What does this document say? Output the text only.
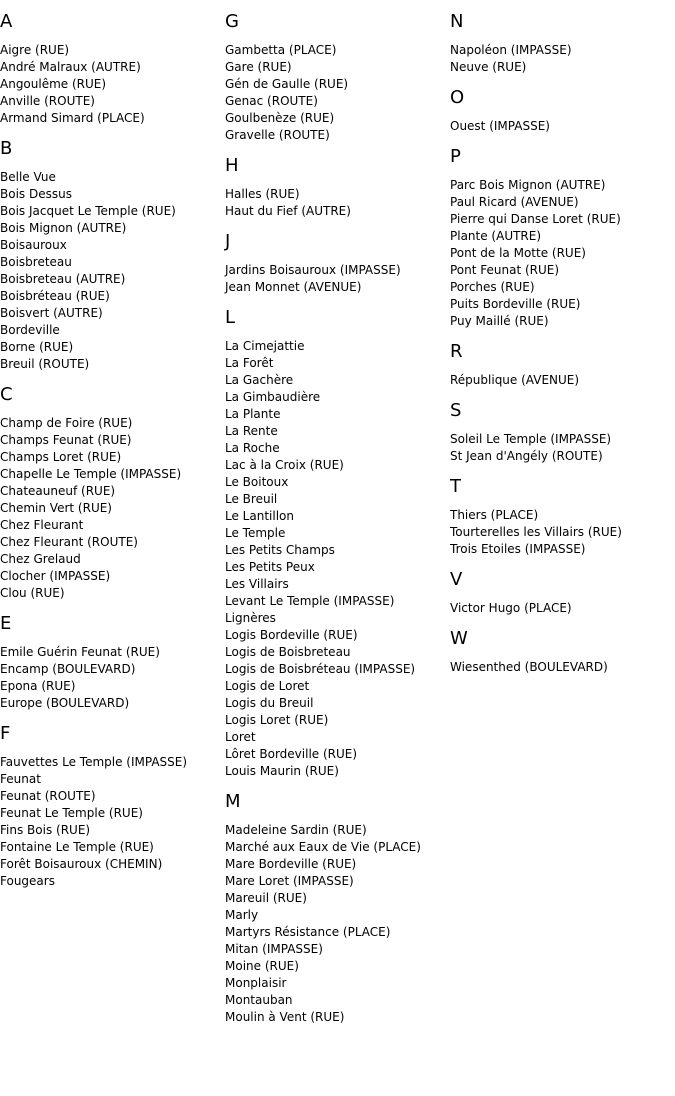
A
Aigre (RUE)
André Malraux (AUTRE)
Angoulême (RUE)
Anville (ROUTE)
Armand Simard (PLACE)
B
Belle Vue
Bois Dessus
Bois Jacquet Le Temple (RUE)
Bois Mignon (AUTRE)
Boisauroux
Boisbreteau
Boisbreteau (AUTRE)
Boisbréteau (RUE)
Boisvert (AUTRE)
Bordeville
Borne (RUE)
Breuil (ROUTE)
C
Champ de Foire (RUE)
Champs Feunat (RUE)
Champs Loret (RUE)
Chapelle Le Temple (IMPASSE)
Chateauneuf (RUE)
Chemin Vert (RUE)
Chez Fleurant
Chez Fleurant (ROUTE)
Chez Grelaud
Clocher (IMPASSE)
Clou (RUE)
E
Emile Guérin Feunat (RUE)
Encamp (BOULEVARD)
Epona (RUE)
Europe (BOULEVARD)
F
Fauvettes Le Temple (IMPASSE)
Feunat
Feunat (ROUTE)
Feunat Le Temple (RUE)
Fins Bois (RUE)
Fontaine Le Temple (RUE)
Forêt Boisauroux (CHEMIN)
Fougears
G
Gambetta (PLACE)
Gare (RUE)
Gén de Gaulle (RUE)
Genac (ROUTE)
Goulbenèze (RUE)
Gravelle (ROUTE)
H
Halles (RUE)
Haut du Fief (AUTRE)
J
Jardins Boisauroux (IMPASSE)
Jean Monnet (AVENUE)
L
La Cimejattie
La Forêt
La Gachère
La Gimbaudière
La Plante
La Rente
La Roche
Lac à la Croix (RUE)
Le Boitoux
Le Breuil
Le Lantillon
Le Temple
Les Petits Champs
Les Petits Peux
Les Villairs
Levant Le Temple (IMPASSE)
Lignères
Logis Bordeville (RUE)
Logis de Boisbreteau
Logis de Boisbréteau (IMPASSE)
Logis de Loret
Logis du Breuil
Logis Loret (RUE)
Loret
Lôret Bordeville (RUE)
Louis Maurin (RUE)
M
Madeleine Sardin (RUE)
Marché aux Eaux de Vie (PLACE)
Mare Bordeville (RUE)
Mare Loret (IMPASSE)
Mareuil (RUE)
Marly
Martyrs Résistance (PLACE)
Mitan (IMPASSE)
Moine (RUE)
Monplaisir
Montauban
Moulin à Vent (RUE)
N
Napoléon (IMPASSE)
Neuve (RUE)
O
Ouest (IMPASSE)
P
Parc Bois Mignon (AUTRE)
Paul Ricard (AVENUE)
Pierre qui Danse Loret (RUE)
Plante (AUTRE)
Pont de la Motte (RUE)
Pont Feunat (RUE)
Porches (RUE)
Puits Bordeville (RUE)
Puy Maillé (RUE)
R
République (AVENUE)
S
Soleil Le Temple (IMPASSE)
St Jean d'Angély (ROUTE)
T
Thiers (PLACE)
Tourterelles les Villairs (RUE)
Trois Etoiles (IMPASSE)
V
Victor Hugo (PLACE)
W
Wiesenthed (BOULEVARD)
